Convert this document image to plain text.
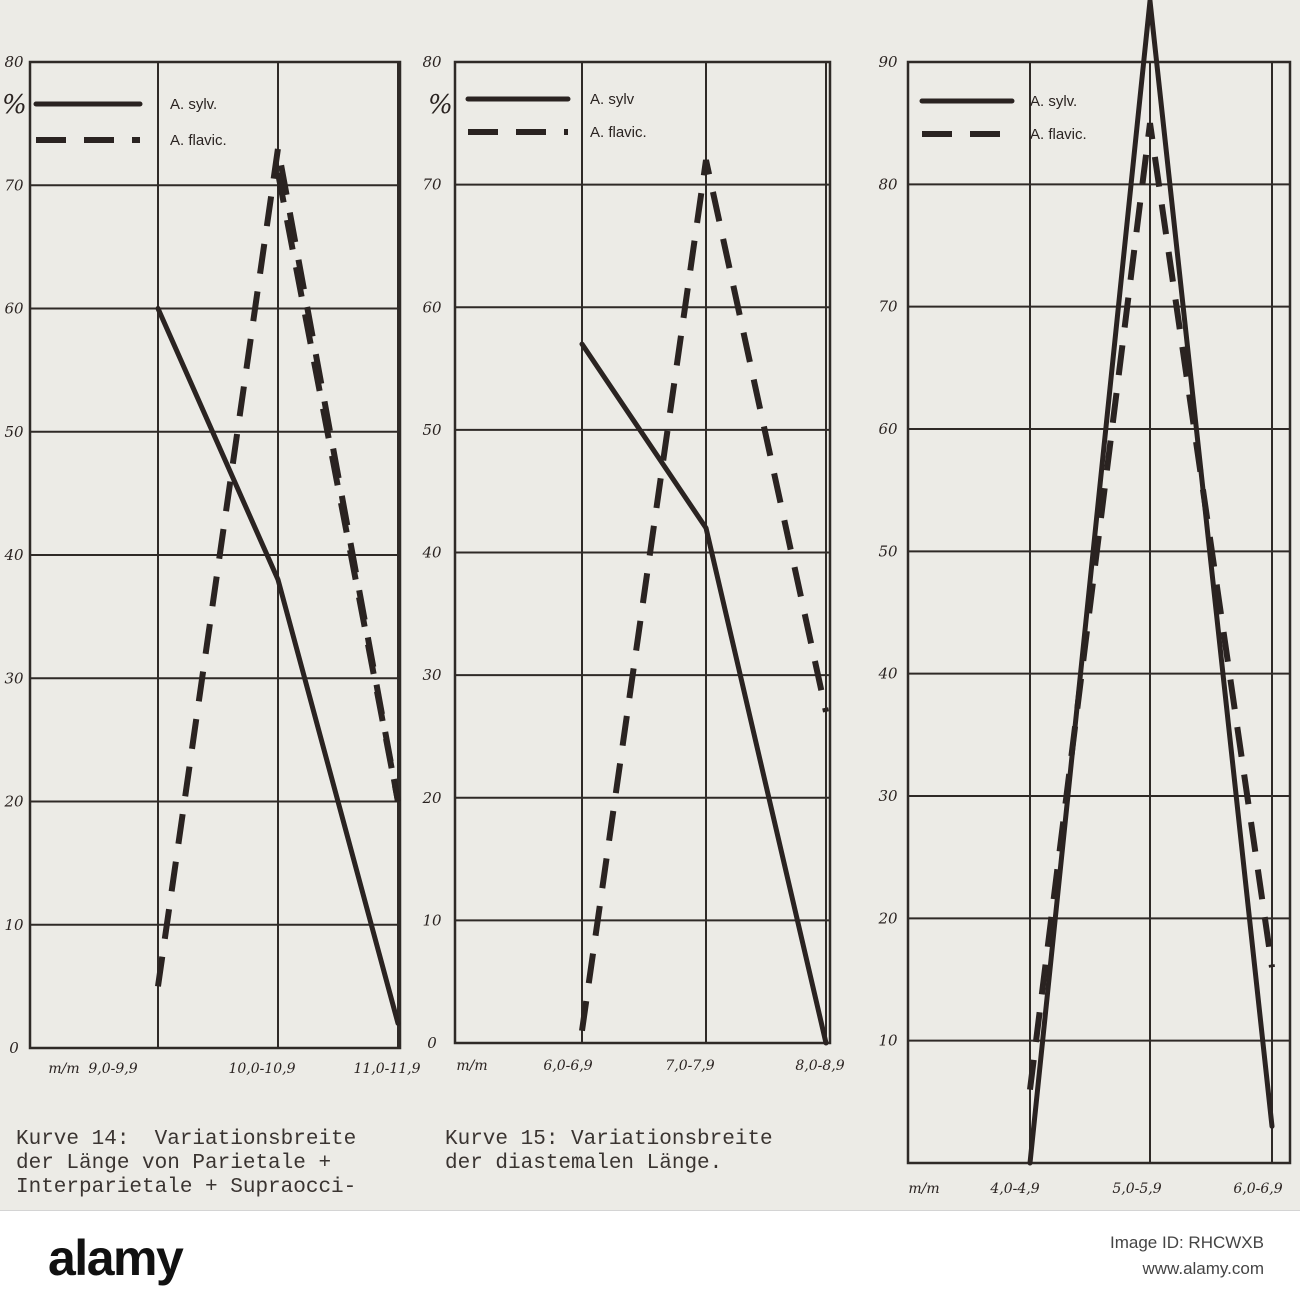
0
10
20
30
40
50
60
70
80
%
m/m 9,0-9,9	10,0-10,9	11,0-11,9
A. sylv.
A. flavic.
0
10
20
30
40
50
60
70
80
%
m/m	6,0-6,9	7,0-7,9	8,0-8,9
A. sylv
A. flavic.
10
20
30
40
50
60
70
80
90
m/m	4,0-4,9	5,0-5,9	6,0-6,9
A. sylv.
A. flavic.
Kurve 14:  Variationsbreite
der Länge von Parietale +
Interparietale + Supraocci-
Kurve 15: Variationsbreite
der diastemalen Länge.
alamy	Image ID: RHCWXB
www.alamy.com
